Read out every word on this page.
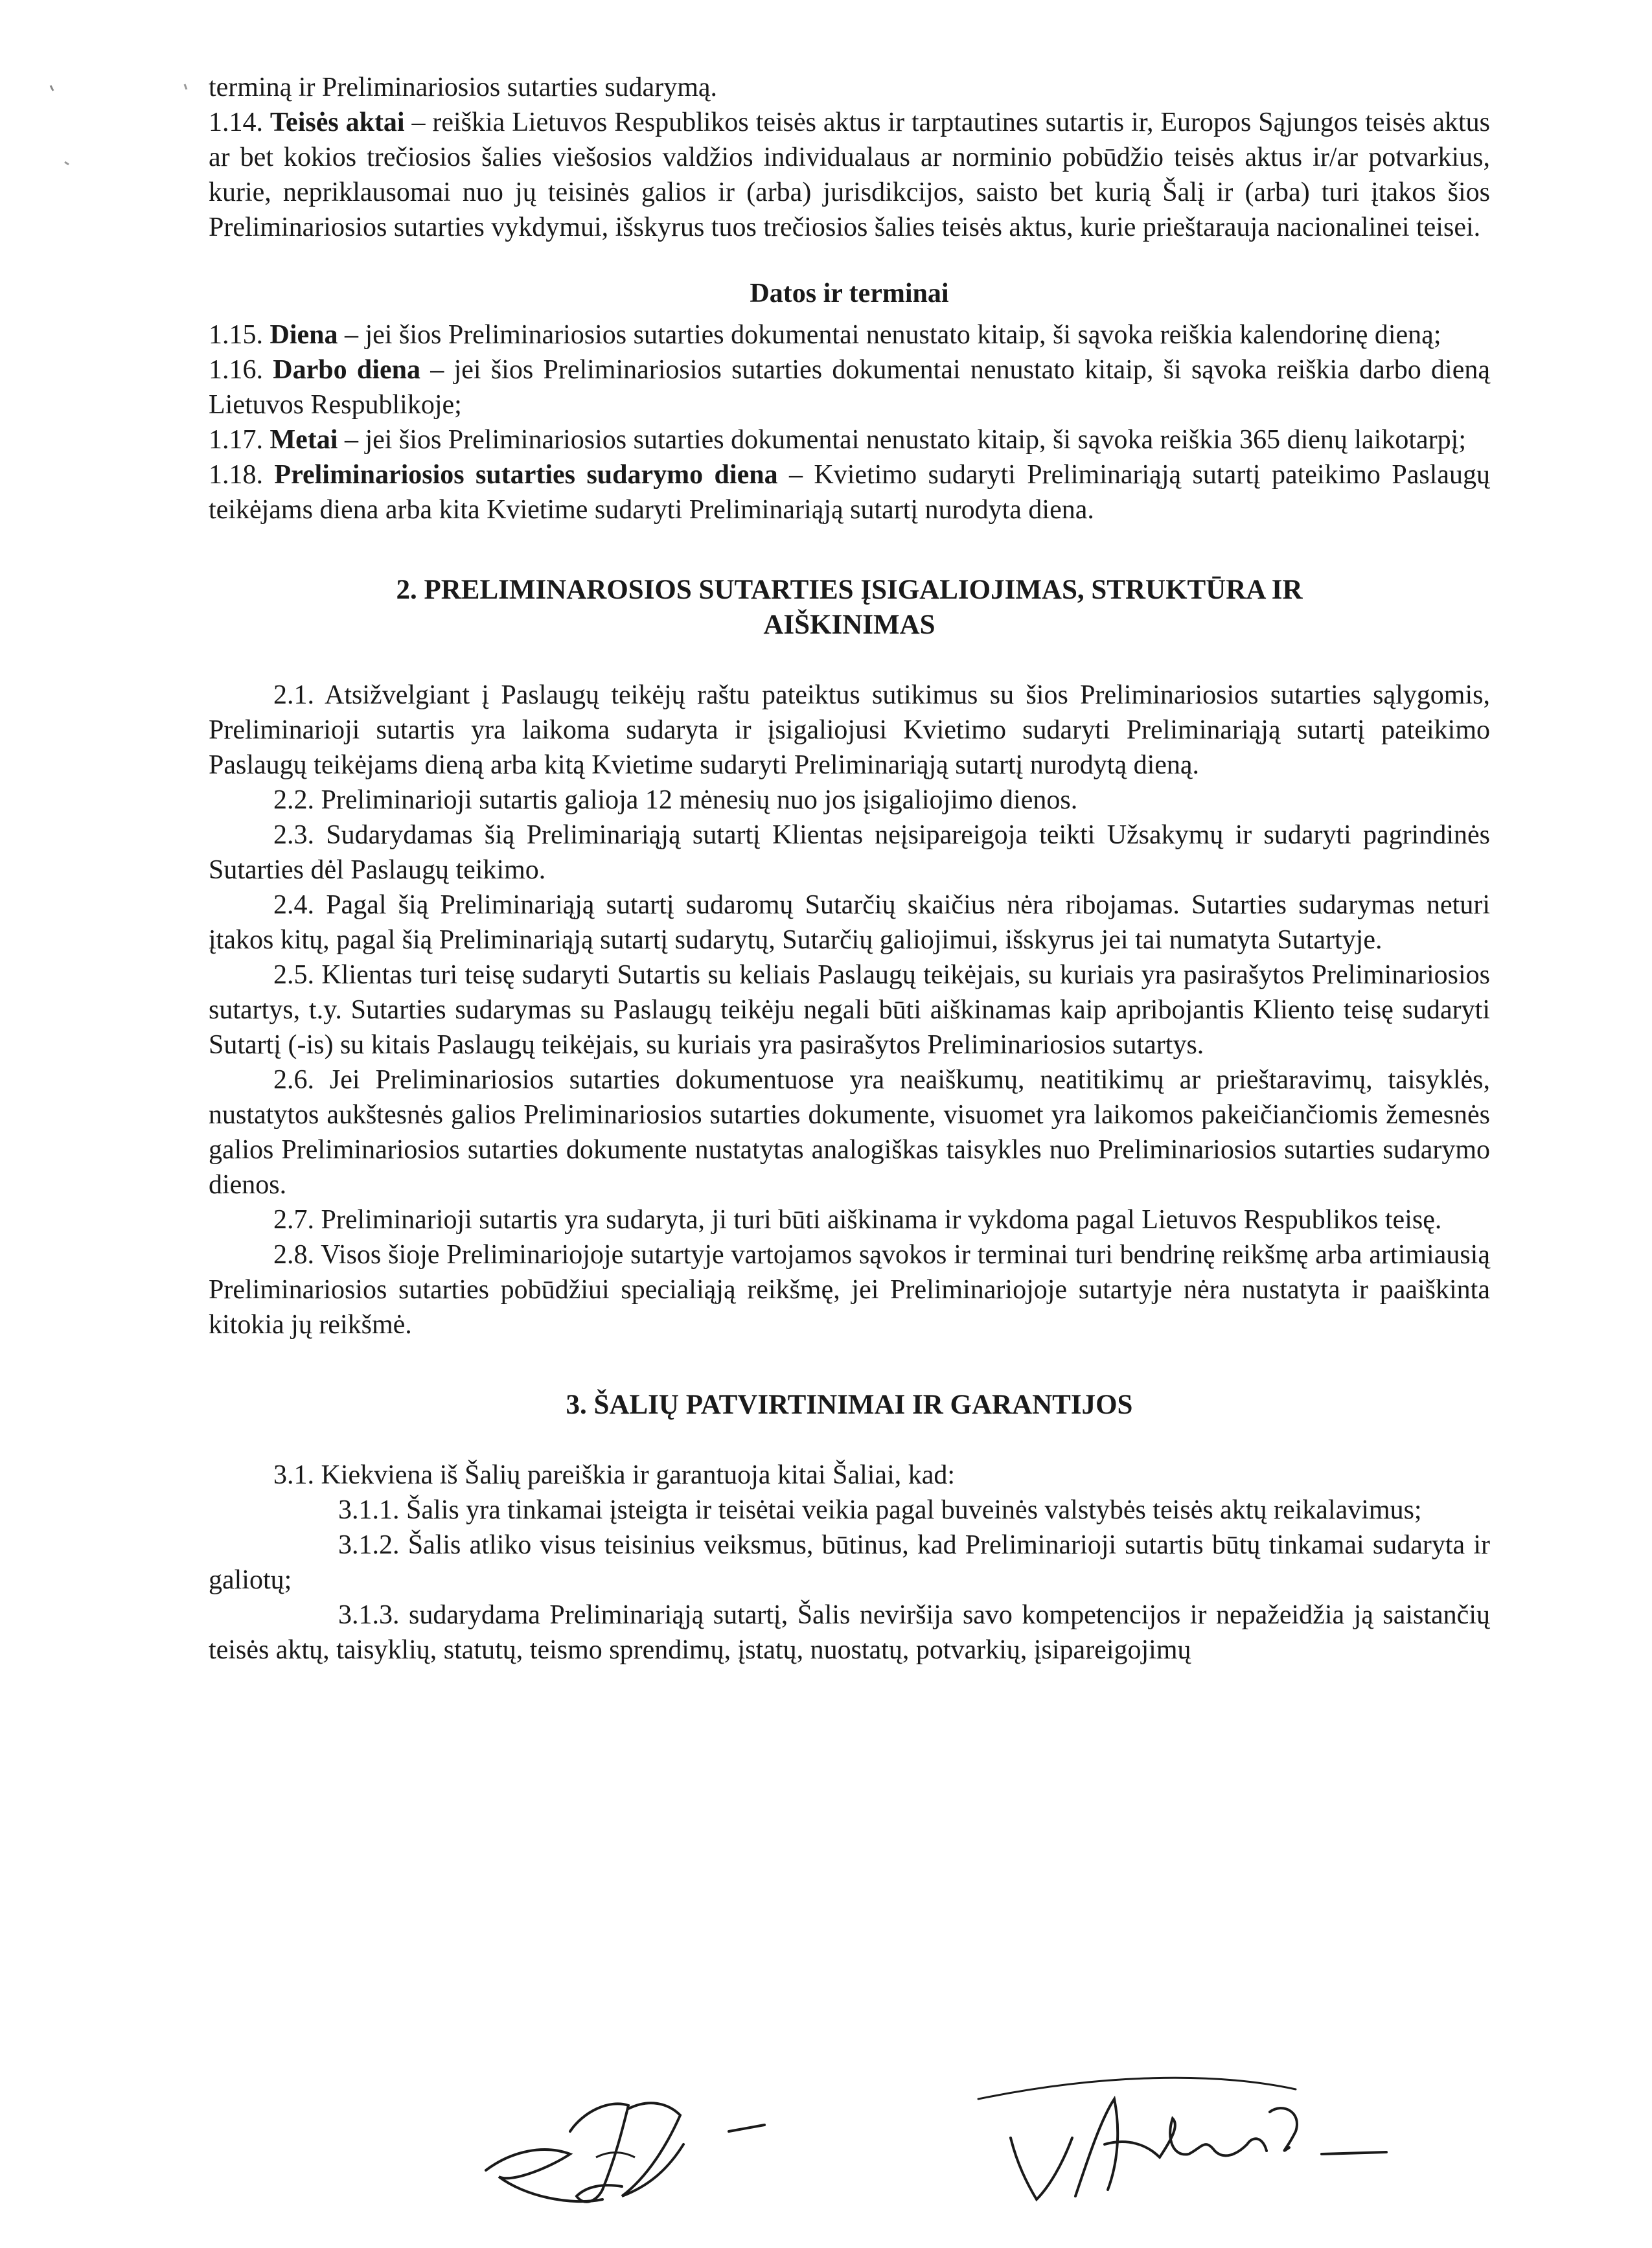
terminą ir Preliminariosios sutarties sudarymą.

1.14. Teisės aktai – reiškia Lietuvos Respublikos teisės aktus ir tarptautines sutartis ir, Europos Sąjungos teisės aktus ar bet kokios trečiosios šalies viešosios valdžios individualaus ar norminio pobūdžio teisės aktus ir/ar potvarkius, kurie, nepriklausomai nuo jų teisinės galios ir (arba) jurisdikcijos, saisto bet kurią Šalį ir (arba) turi įtakos šios Preliminariosios sutarties vykdymui, išskyrus tuos trečiosios šalies teisės aktus, kurie prieštarauja nacionalinei teisei.

Datos ir terminai

1.15. Diena – jei šios Preliminariosios sutarties dokumentai nenustato kitaip, ši sąvoka reiškia kalendorinę dieną;

1.16. Darbo diena – jei šios Preliminariosios sutarties dokumentai nenustato kitaip, ši sąvoka reiškia darbo dieną Lietuvos Respublikoje;

1.17. Metai – jei šios Preliminariosios sutarties dokumentai nenustato kitaip, ši sąvoka reiškia 365 dienų laikotarpį;

1.18. Preliminariosios sutarties sudarymo diena – Kvietimo sudaryti Preliminariąją sutartį pateikimo Paslaugų teikėjams diena arba kita Kvietime sudaryti Preliminariąją sutartį nurodyta diena.

2. PRELIMINAROSIOS SUTARTIES ĮSIGALIOJIMAS, STRUKTŪRA IR AIŠKINIMAS

2.1. Atsižvelgiant į Paslaugų teikėjų raštu pateiktus sutikimus su šios Preliminariosios sutarties sąlygomis, Preliminarioji sutartis yra laikoma sudaryta ir įsigaliojusi Kvietimo sudaryti Preliminariąją sutartį pateikimo Paslaugų teikėjams dieną arba kitą Kvietime sudaryti Preliminariąją sutartį nurodytą dieną.

2.2. Preliminarioji sutartis galioja 12 mėnesių nuo jos įsigaliojimo dienos.

2.3. Sudarydamas šią Preliminariąją sutartį Klientas neįsipareigoja teikti Užsakymų ir sudaryti pagrindinės Sutarties dėl Paslaugų teikimo.

2.4. Pagal šią Preliminariąją sutartį sudaromų Sutarčių skaičius nėra ribojamas. Sutarties sudarymas neturi įtakos kitų, pagal šią Preliminariąją sutartį sudarytų, Sutarčių galiojimui, išskyrus jei tai numatyta Sutartyje.

2.5. Klientas turi teisę sudaryti Sutartis su keliais Paslaugų teikėjais, su kuriais yra pasirašytos Preliminariosios sutartys, t.y. Sutarties sudarymas su Paslaugų teikėju negali būti aiškinamas kaip apribojantis Kliento teisę sudaryti Sutartį (-is) su kitais Paslaugų teikėjais, su kuriais yra pasirašytos Preliminariosios sutartys.

2.6. Jei Preliminariosios sutarties dokumentuose yra neaiškumų, neatitikimų ar prieštaravimų, taisyklės, nustatytos aukštesnės galios Preliminariosios sutarties dokumente, visuomet yra laikomos pakeičiančiomis žemesnės galios Preliminariosios sutarties dokumente nustatytas analogiškas taisykles nuo Preliminariosios sutarties sudarymo dienos.

2.7. Preliminarioji sutartis yra sudaryta, ji turi būti aiškinama ir vykdoma pagal Lietuvos Respublikos teisę.

2.8. Visos šioje Preliminariojoje sutartyje vartojamos sąvokos ir terminai turi bendrinę reikšmę arba artimiausią Preliminariosios sutarties pobūdžiui specialiąją reikšmę, jei Preliminariojoje sutartyje nėra nustatyta ir paaiškinta kitokia jų reikšmė.

3. ŠALIŲ PATVIRTINIMAI IR GARANTIJOS

3.1. Kiekviena iš Šalių pareiškia ir garantuoja kitai Šaliai, kad:

3.1.1. Šalis yra tinkamai įsteigta ir teisėtai veikia pagal buveinės valstybės teisės aktų reikalavimus;

3.1.2. Šalis atliko visus teisinius veiksmus, būtinus, kad Preliminarioji sutartis būtų tinkamai sudaryta ir galiotų;

3.1.3. sudarydama Preliminariąją sutartį, Šalis neviršija savo kompetencijos ir nepažeidžia ją saistančių teisės aktų, taisyklių, statutų, teismo sprendimų, įstatų, nuostatų, potvarkių, įsipareigojimų
